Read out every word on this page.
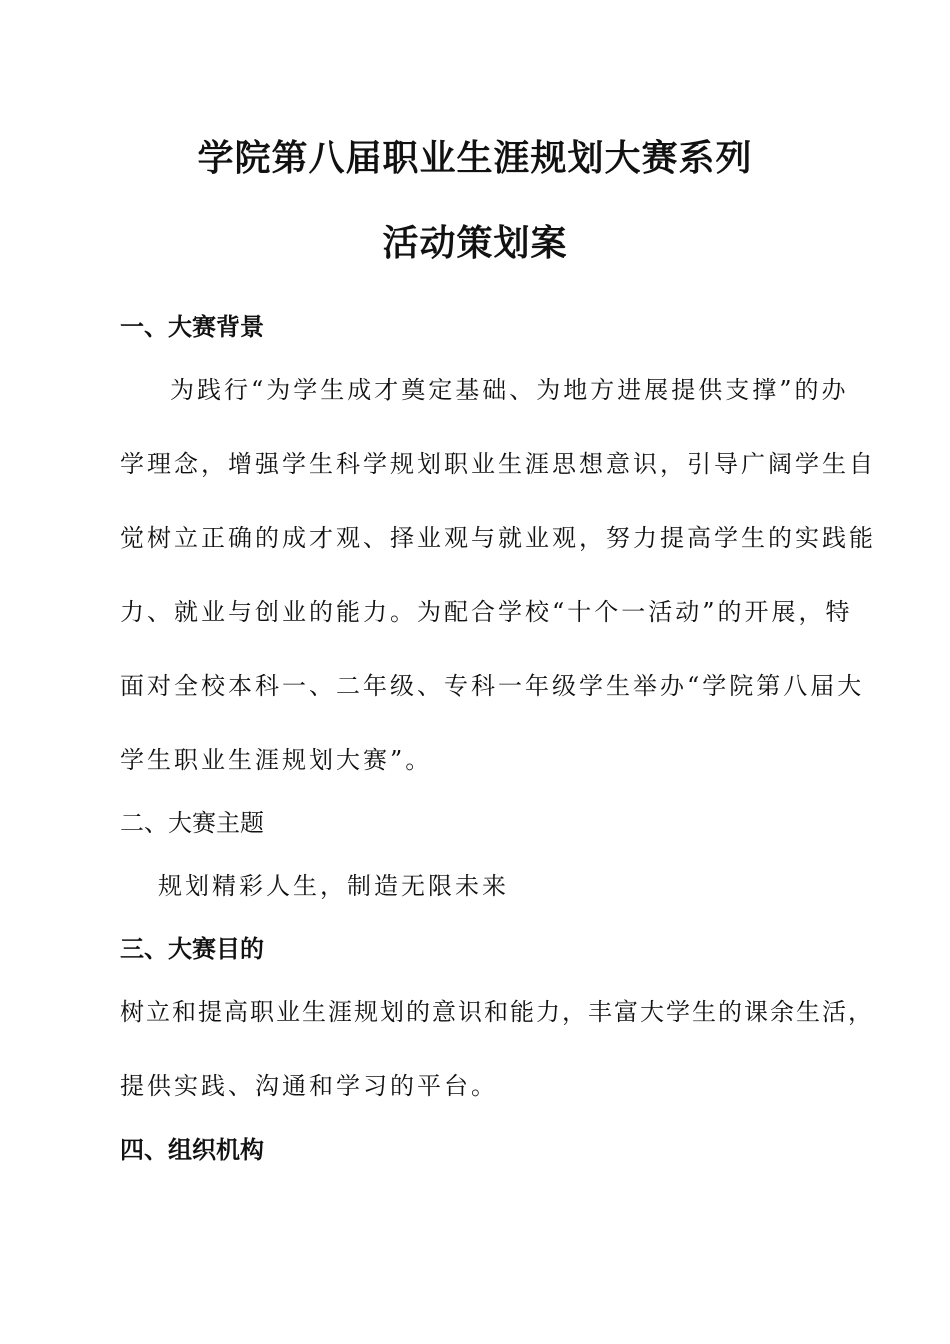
学院第八届职业生涯规划大赛系列
活动策划案
一、大赛背景
为践行“为学生成才奠定基础、为地方进展提供支撑”的办
学理念，增强学生科学规划职业生涯思想意识，引导广阔学生自
觉树立正确的成才观、择业观与就业观，努力提高学生的实践能
力、就业与创业的能力。为配合学校“十个一活动”的开展，特
面对全校本科一、二年级、专科一年级学生举办“学院第八届大
学生职业生涯规划大赛”。
二、大赛主题
规划精彩人生，制造无限未来
三、大赛目的
树立和提高职业生涯规划的意识和能力，丰富大学生的课余生活，
提供实践、沟通和学习的平台。
四、组织机构
